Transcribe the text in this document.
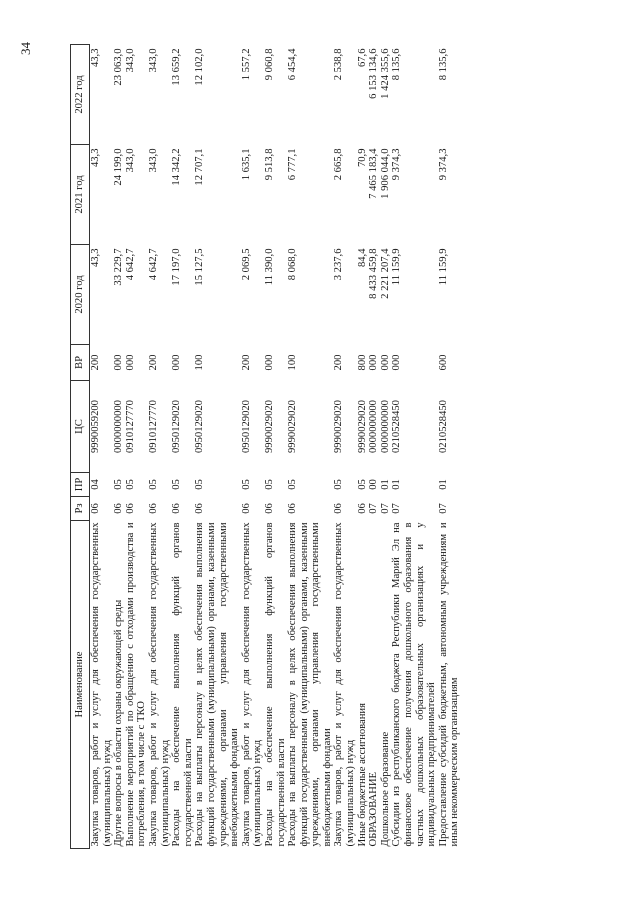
34
Наименование	Рз	ПР	ЦС	ВР	2020 год	2021 год	2022 год
Закупка товаров, работ и услуг для обеспечения государственных (муниципальных) нужд	06	04	9990059200	200	43,3	43,3	43,3
Другие вопросы в области охраны окружающей среды	06	05	0000000000	000	33 229,7	24 199,0	23 063,0
Выполнение мероприятий по обращению с отходами производства и потребления, в том числе с ТКО	06	05	0910127770	000	4 642,7	343,0	343,0
Закупка товаров, работ и услуг для обеспечения государственных (муниципальных) нужд	06	05	0910127770	200	4 642,7	343,0	343,0
Расходы на обеспечение выполнения функций органов государственной власти	06	05	0950129020	000	17 197,0	14 342,2	13 659,2
Расходы на выплаты персоналу в целях обеспечения выполнения функций государственными (муниципальными) органами, казенными учреждениями, органами управления государственными внебюджетными фондами	06	05	0950129020	100	15 127,5	12 707,1	12 102,0
Закупка товаров, работ и услуг для обеспечения государственных (муниципальных) нужд	06	05	0950129020	200	2 069,5	1 635,1	1 557,2
Расходы на обеспечение выполнения функций органов государственной власти	06	05	9990029020	000	11 390,0	9 513,8	9 060,8
Расходы на выплаты персоналу в целях обеспечения выполнения функций государственными (муниципальными) органами, казенными учреждениями, органами управления государственными внебюджетными фондами	06	05	9990029020	100	8 068,0	6 777,1	6 454,4
Закупка товаров, работ и услуг для обеспечения государственных (муниципальных) нужд	06	05	9990029020	200	3 237,6	2 665,8	2 538,8
Иные бюджетные ассигнования	06	05	9990029020	800	84,4	70,9	67,6
ОБРАЗОВАНИЕ	07	00	0000000000	000	8 433 459,8	7 465 183,4	6 153 134,6
Дошкольное образование	07	01	0000000000	000	2 221 207,4	1 906 044,0	1 424 355,6
Субсидии из республиканского бюджета Республики Марий Эл на финансовое обеспечение получения дошкольного образования в частных дошкольных образовательных организациях и у индивидуальных предпринимателей	07	01	0210528450	000	11 159,9	9 374,3	8 135,6
Предоставление субсидий бюджетным, автономным учреждениям и иным некоммерческим организациям	07	01	0210528450	600	11 159,9	9 374,3	8 135,6
